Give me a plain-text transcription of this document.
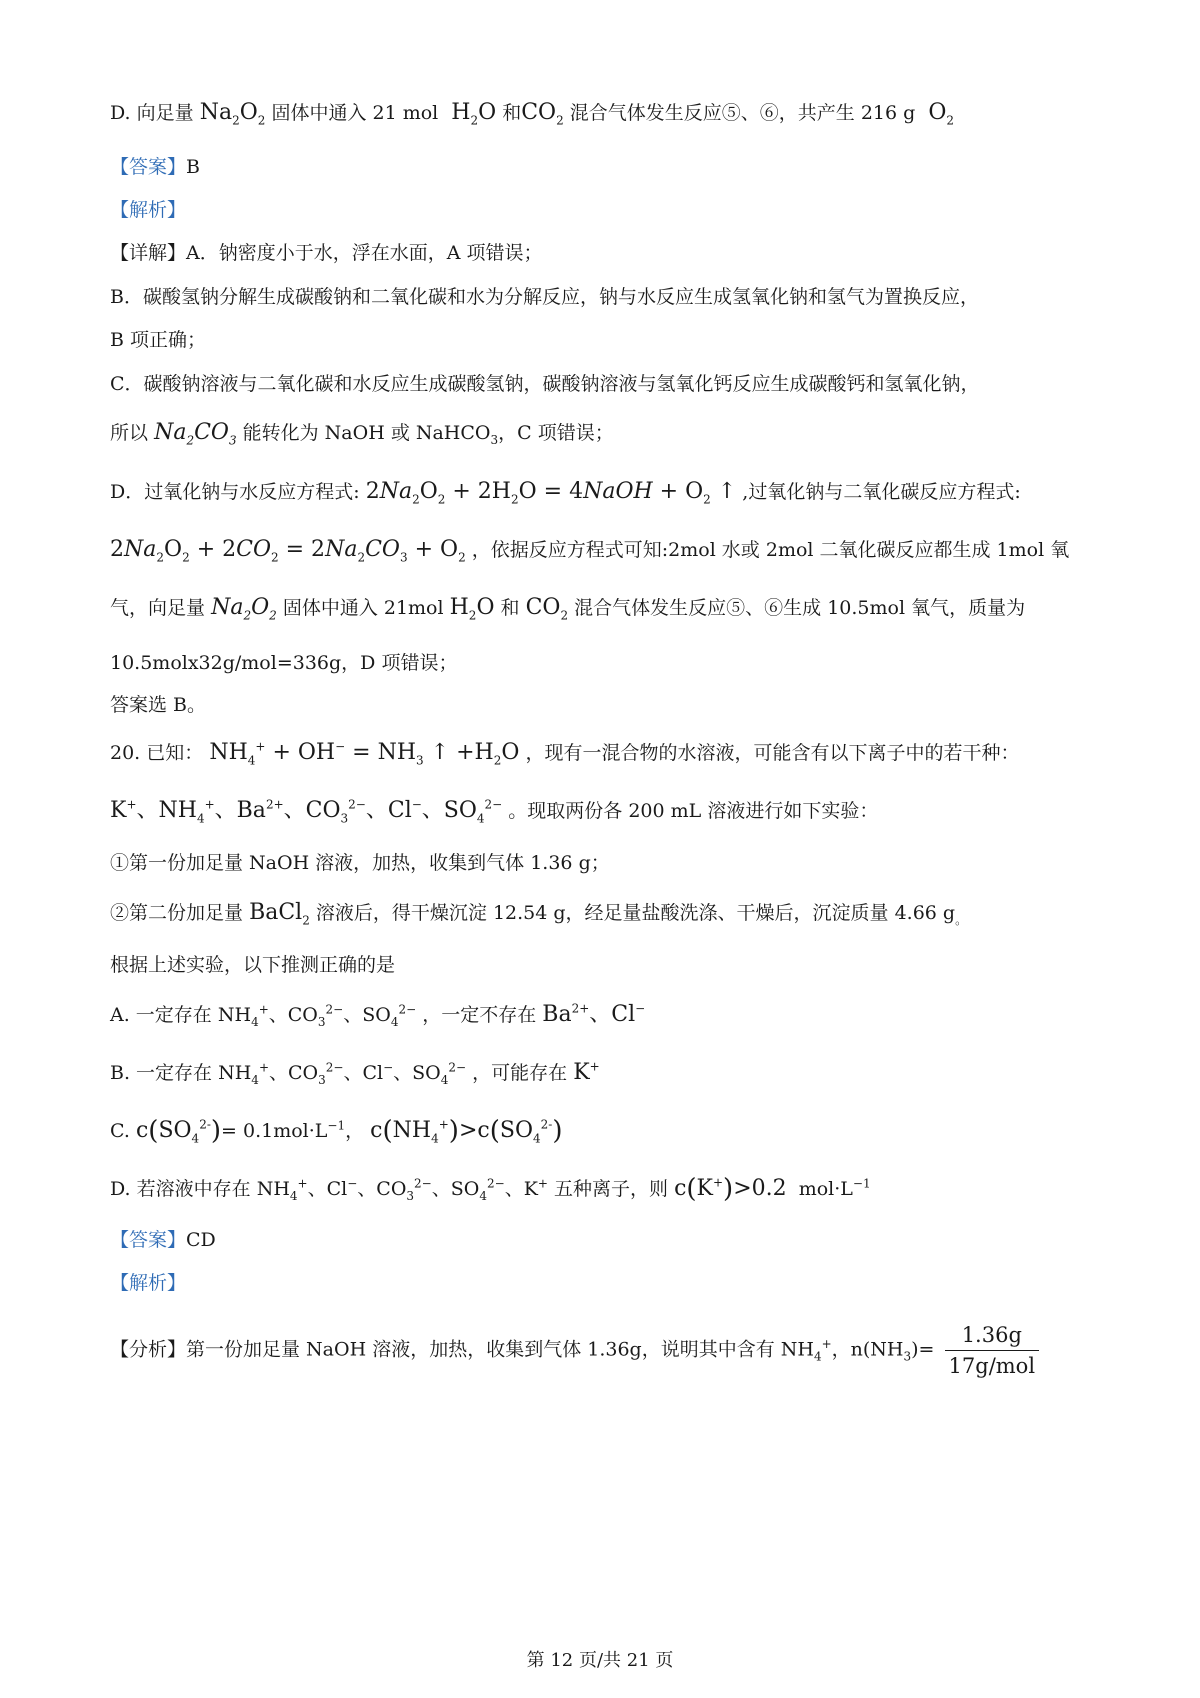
D. 向足量 $Na_2O_2$ 固体中通入 21 mol  $H_2O$ 和$CO_2$ 混合气体发生反应⑤、⑥，共产生 216 g  $O_2$
【答案】B
【解析】
【详解】A．钠密度小于水，浮在水面，A 项错误；
B．碳酸氢钠分解生成碳酸钠和二氧化碳和水为分解反应，钠与水反应生成氢氧化钠和氢气为置换反应，
B 项正确；
C．碳酸钠溶液与二氧化碳和水反应生成碳酸氢钠，碳酸钠溶液与氢氧化钙反应生成碳酸钙和氢氧化钠，
所以 $Na_2CO_3$ 能转化为 NaOH 或 NaHCO$_3$，C 项错误；
D．过氧化钠与水反应方程式: $2Na_2O_2 + 2H_2O$ = 4NaOH + $O_2$ ↑ ,过氧化钠与二氧化碳反应方程式:
$2Na_2O_2 + 2CO_2 = 2Na_2CO_3 + O_2$ ，依据反应方程式可知:2mol 水或 2mol 二氧化碳反应都生成 1mol 氧
气，向足量 $Na_2O_2$ 固体中通入 21mol $H_2O$ 和 $CO_2$ 混合气体发生反应⑤、⑥生成 10.5mol 氧气，质量为
10.5molx32g/mol=336g，D 项错误；
答案选 B。
20. 已知： $NH_4^+ + OH^- = NH_3$ ↑ $+H_2O$ ，现有一混合物的水溶液，可能含有以下离子中的若干种：
K+、$NH_4^+$、$Ba^{2+}$、$CO_3^{2-}$、Cl−、$SO_4^{2-}$ 。现取两份各 200 mL 溶液进行如下实验：
①第一份加足量 NaOH 溶液，加热，收集到气体 1.36 g；
②第二份加足量 BaCl$_2$ 溶液后，得干燥沉淀 12.54 g，经足量盐酸洗涤、干燥后，沉淀质量 4.66 $g_。$
根据上述实验，以下推测正确的是
A. 一定存在 $NH_4^+$、$CO_3^{2-}$、$SO_4^{2-}$ ，一定不存在 $Ba^{2+}$、Cl−
B. 一定存在 $NH_4^+$、$CO_3^{2-}$、Cl−、$SO_4^{2-}$ ，可能存在 K+
C. $c(SO_4^{2-})= 0.1mol\cdot L^{-1}$， $c(NH_4^+)>c(SO_4^{2-})$
D. 若溶液中存在 $NH_4^+$、Cl−、$CO_3^{2-}$、$SO_4^{2-}$、K+ 五种离子，则 c(K+)>0.2 $mol\cdot L^{-1}$
【答案】CD
【解析】
【分析】第一份加足量 NaOH 溶液，加热，收集到气体 1.36g，说明其中含有 $NH_4^+$，$n(NH_3)= \frac{1.36g}{\text{17g/mol}}$
第 12 页/共 21 页
